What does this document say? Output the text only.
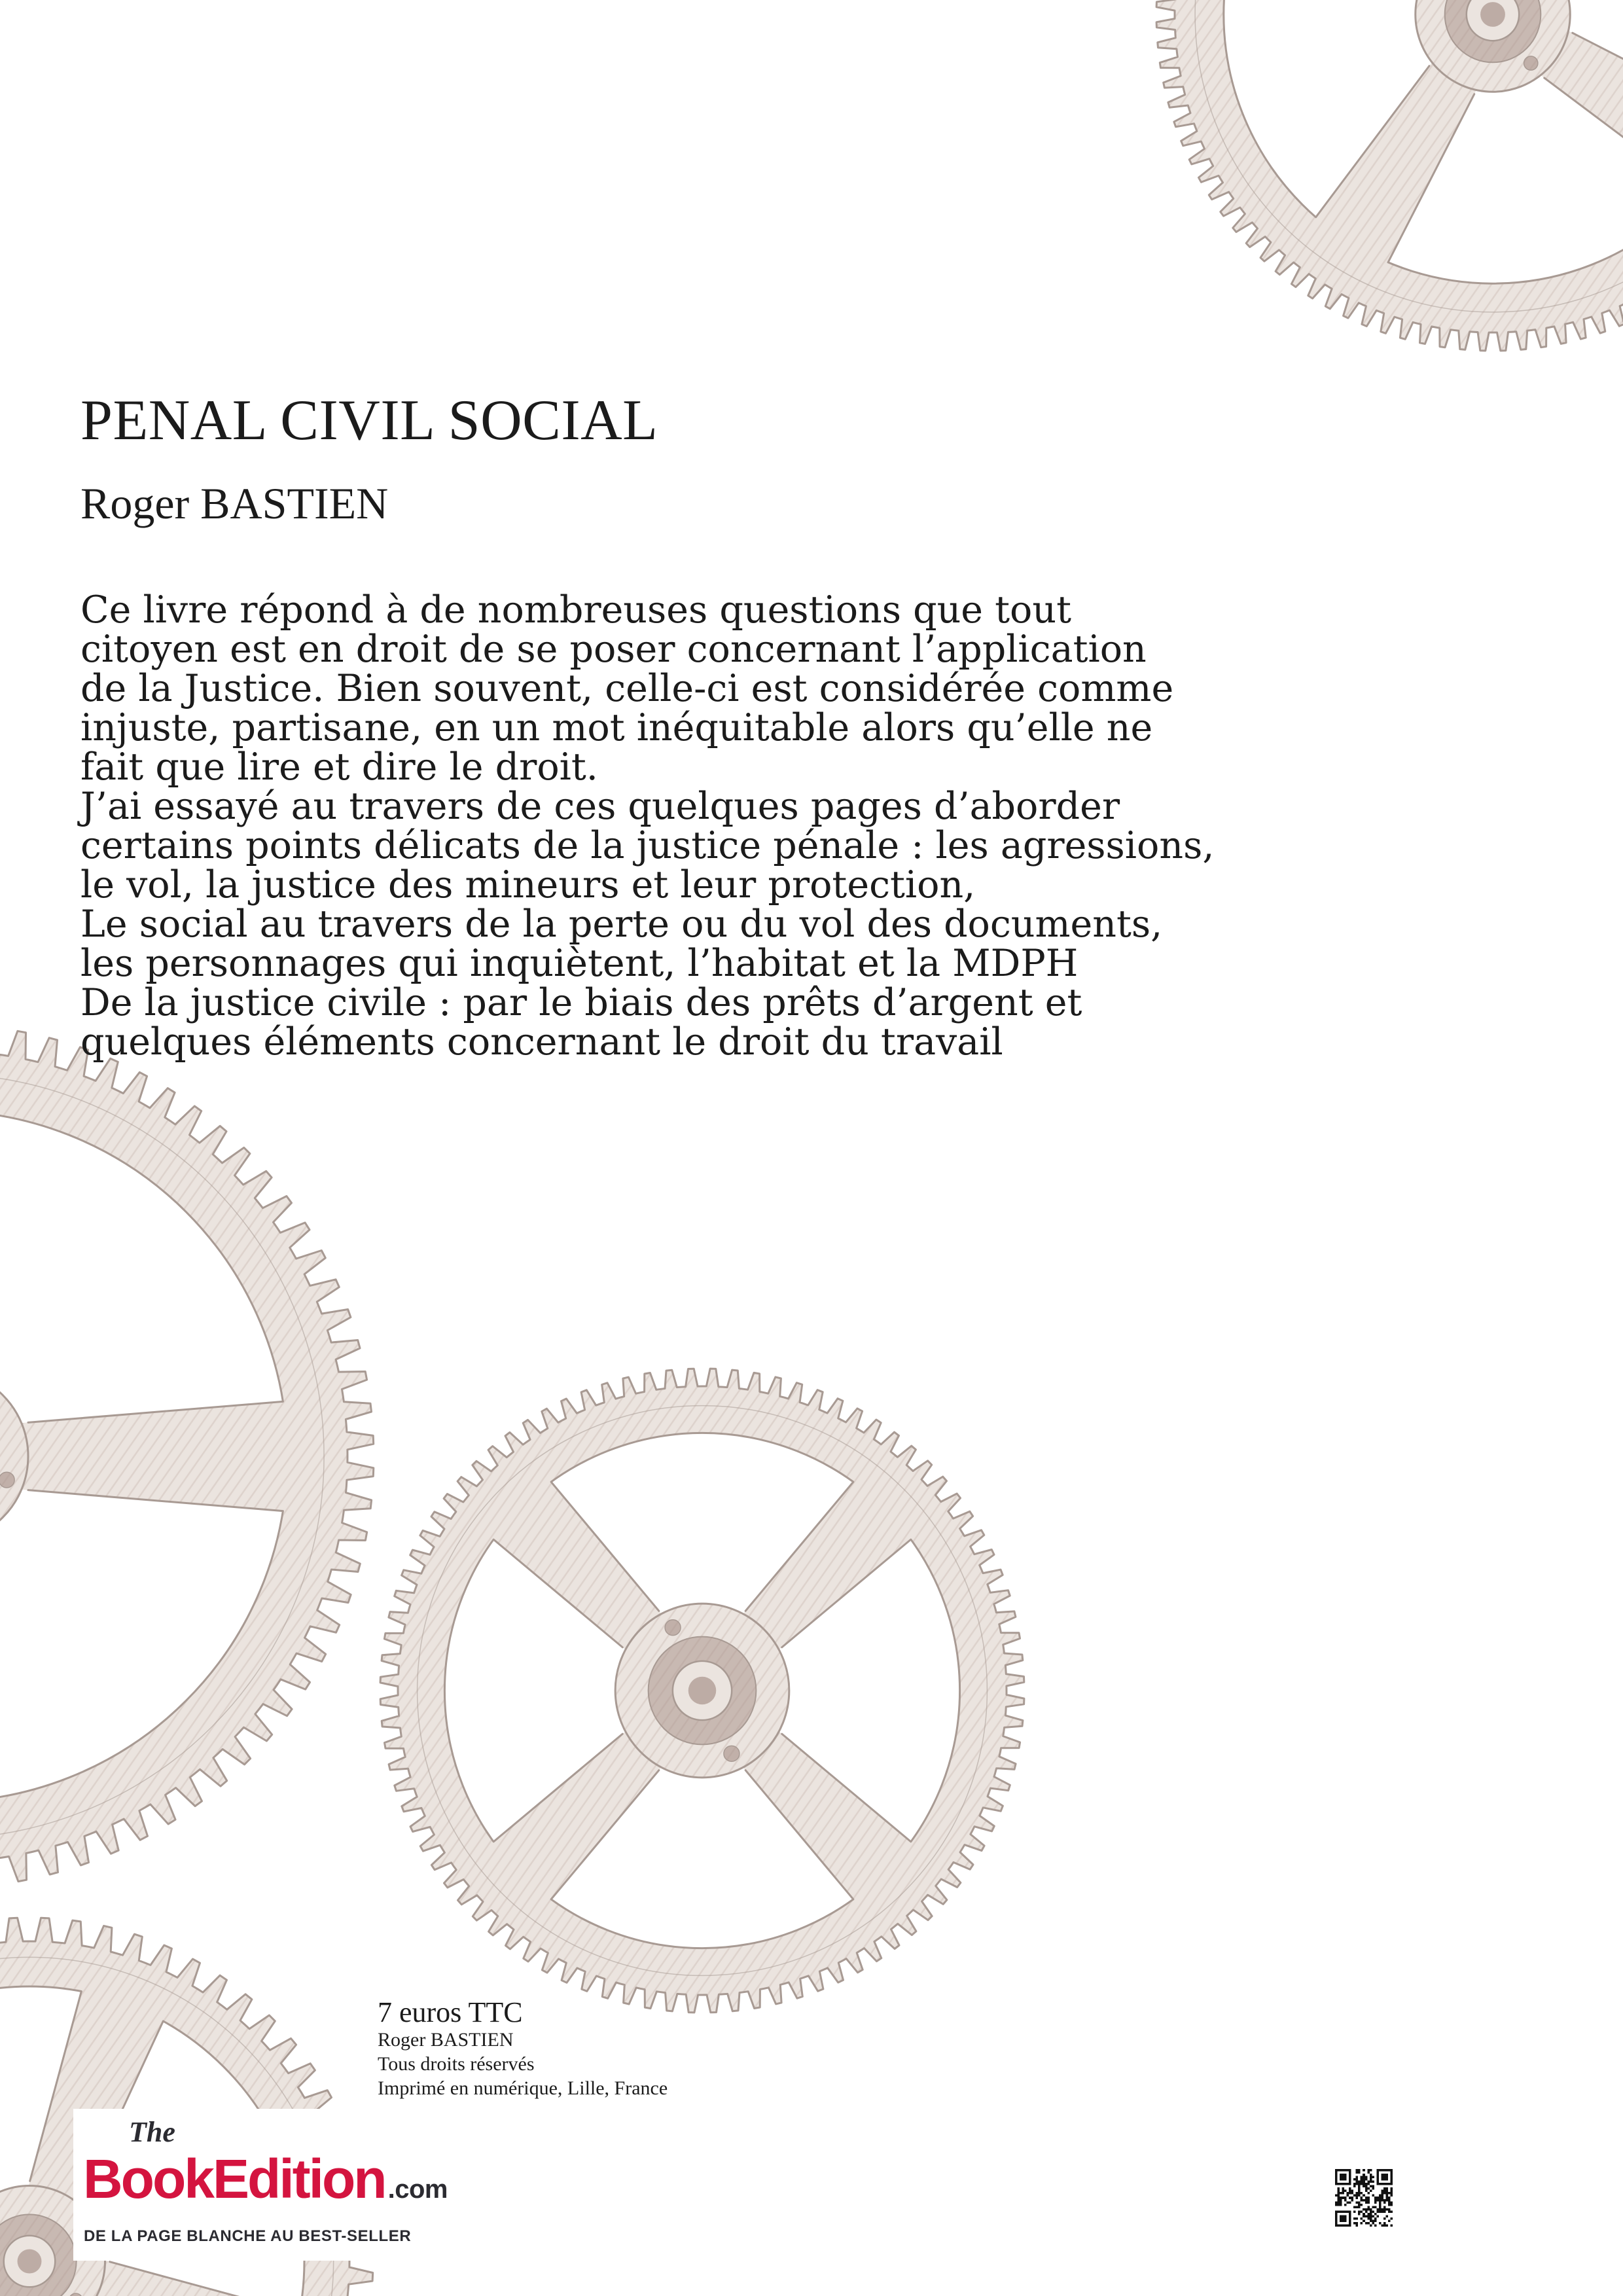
PENAL CIVIL SOCIAL
Roger BASTIEN
Ce livre répond à de nombreuses questions que tout
citoyen est en droit de se poser concernant l’application
de la Justice. Bien souvent, celle-ci est considérée comme
injuste, partisane, en un mot inéquitable alors qu’elle ne
fait que lire et dire le droit.
J’ai essayé au travers de ces quelques pages d’aborder
certains points délicats de la justice pénale : les agressions,
le vol, la justice des mineurs et leur protection,
Le social au travers de la perte ou du vol des documents,
les personnages qui inquiètent, l’habitat et la MDPH
De la justice civile : par le biais des prêts d’argent et
quelques éléments concernant le droit du travail
7 euros TTC
Roger BASTIEN
Tous droits réservés
Imprimé en numérique, Lille, France
The
BookEdition .com
DE LA PAGE BLANCHE AU BEST-SELLER
